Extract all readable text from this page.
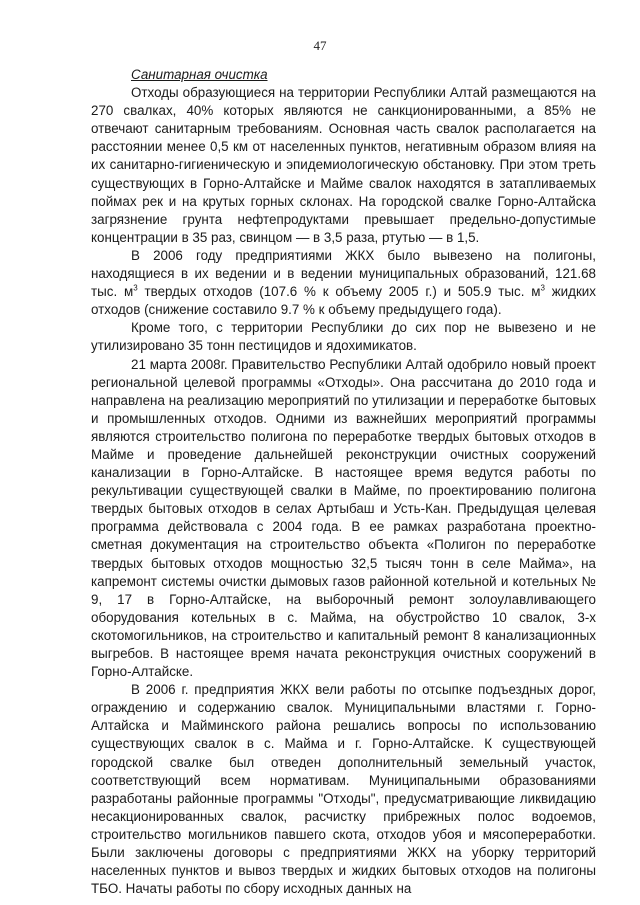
47
Санитарная очистка

Отходы образующиеся на территории Республики Алтай размещаются на 270 свалках, 40% которых являются не санкционированными, а 85% не отвечают санитарным требованиям. Основная часть свалок располагается на расстоянии менее 0,5 км от населенных пунктов, негативным образом влияя на их санитарно-гигиеническую и эпидемиологическую обстановку. При этом треть существующих в Горно-Алтайске и Майме свалок находятся в затапливаемых поймах рек и на крутых горных склонах. На городской свалке Горно-Алтайска загрязнение грунта нефтепродуктами превышает предельно-допустимые концентрации в 35 раз, свинцом — в 3,5 раза, ртутью — в 1,5.

В 2006 году предприятиями ЖКХ было вывезено на полигоны, находящиеся в их ведении и в ведении муниципальных образований, 121.68 тыс. $м^3$ твердых отходов (107.6 % к объему 2005 г.) и 505.9 тыс. $м^3$ жидких отходов (снижение составило 9.7 % к объему предыдущего года).

Кроме того, с территории Республики до сих пор не вывезено и не утилизировано 35 тонн пестицидов и ядохимикатов.

21 марта 2008г. Правительство Республики Алтай одобрило новый проект региональной целевой программы «Отходы». Она рассчитана до 2010 года и направлена на реализацию мероприятий по утилизации и переработке бытовых и промышленных отходов. Одними из важнейших мероприятий программы являются строительство полигона по переработке твердых бытовых отходов в Майме и проведение дальнейшей реконструкции очистных сооружений канализации в Горно-Алтайске. В настоящее время ведутся работы по рекультивации существующей свалки в Майме, по проектированию полигона твердых бытовых отходов в селах Артыбаш и Усть-Кан. Предыдущая целевая программа действовала с 2004 года. В ее рамках разработана проектно-сметная документация на строительство объекта «Полигон по переработке твердых бытовых отходов мощностью 32,5 тысяч тонн в селе Майма», на капремонт системы очистки дымовых газов районной котельной и котельных № 9, 17 в Горно-Алтайске, на выборочный ремонт золоулавливающего оборудования котельных в с. Майма, на обустройство 10 свалок, 3-х скотомогильников, на строительство и капитальный ремонт 8 канализационных выгребов. В настоящее время начата реконструкция очистных сооружений в Горно-Алтайске.

В 2006 г. предприятия ЖКХ вели работы по отсыпке подъездных дорог, ограждению и содержанию свалок. Муниципальными властями г. Горно-Алтайска и Майминского района решались вопросы по использованию существующих свалок в с. Майма и г. Горно-Алтайске. К существующей городской свалке был отведен дополнительный земельный участок, соответствующий всем нормативам. Муниципальными образованиями разработаны районные программы "Отходы", предусматривающие ликвидацию несакционированных свалок, расчистку прибрежных полос водоемов, строительство могильников павшего скота, отходов убоя и мясопереработки. Были заключены договоры с предприятиями ЖКХ на уборку территорий населенных пунктов и вывоз твердых и жидких бытовых отходов на полигоны ТБО. Начаты работы по сбору исходных данных на
